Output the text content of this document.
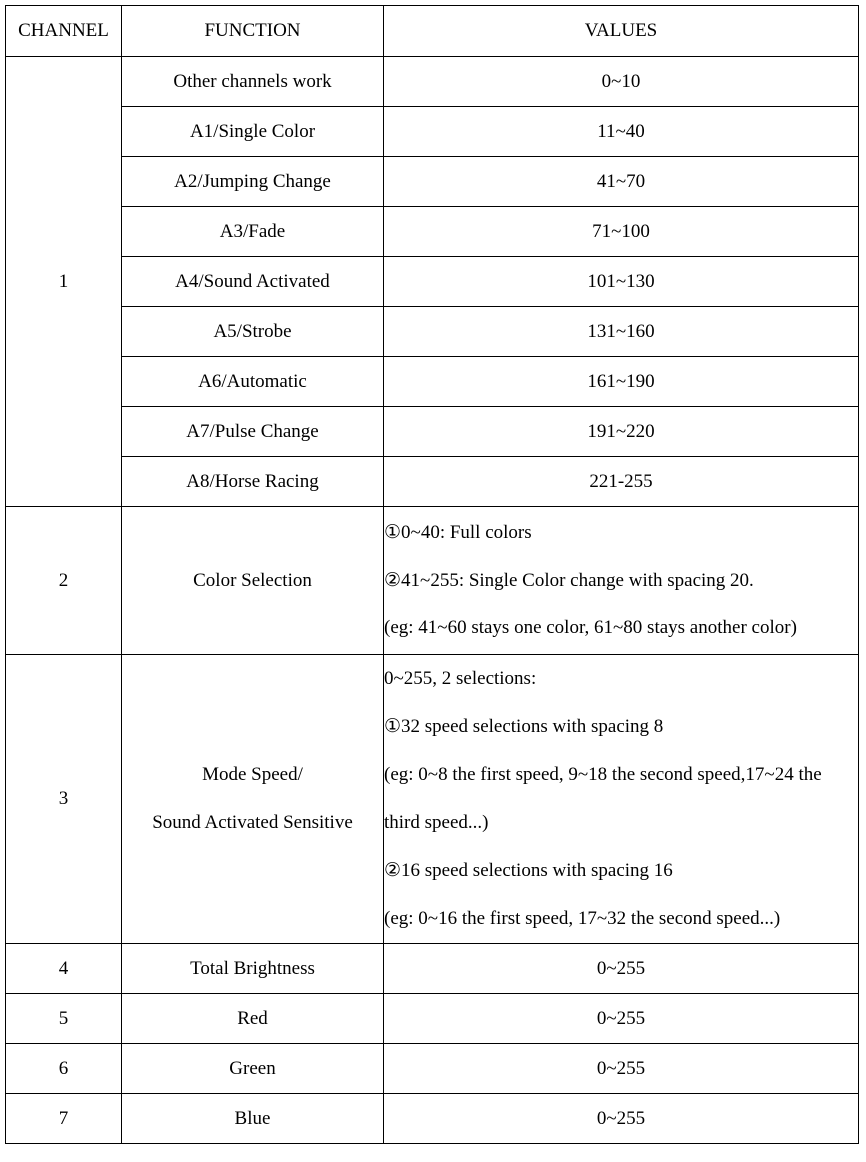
CHANNEL	FUNCTION	VALUES
1	Other channels work	0~10
	A1/Single Color	11~40
	A2/Jumping Change	41~70
	A3/Fade	71~100
	A4/Sound Activated	101~130
	A5/Strobe	131~160
	A6/Automatic	161~190
	A7/Pulse Change	191~220
	A8/Horse Racing	221-255
2	Color Selection	①0~40: Full colors
②41~255: Single Color change with spacing 20.
(eg: 41~60 stays one color, 61~80 stays another color)

3	Mode Speed/
Sound Activated Sensitive	0~255, 2 selections:
①32 speed selections with spacing 8
(eg: 0~8 the first speed, 9~18 the second speed,17~24 the third speed...)
②16 speed selections with spacing 16
(eg: 0~16 the first speed, 17~32 the second speed...)

4	Total Brightness	0~255
5	Red	0~255
6	Green	0~255
7	Blue	0~255
